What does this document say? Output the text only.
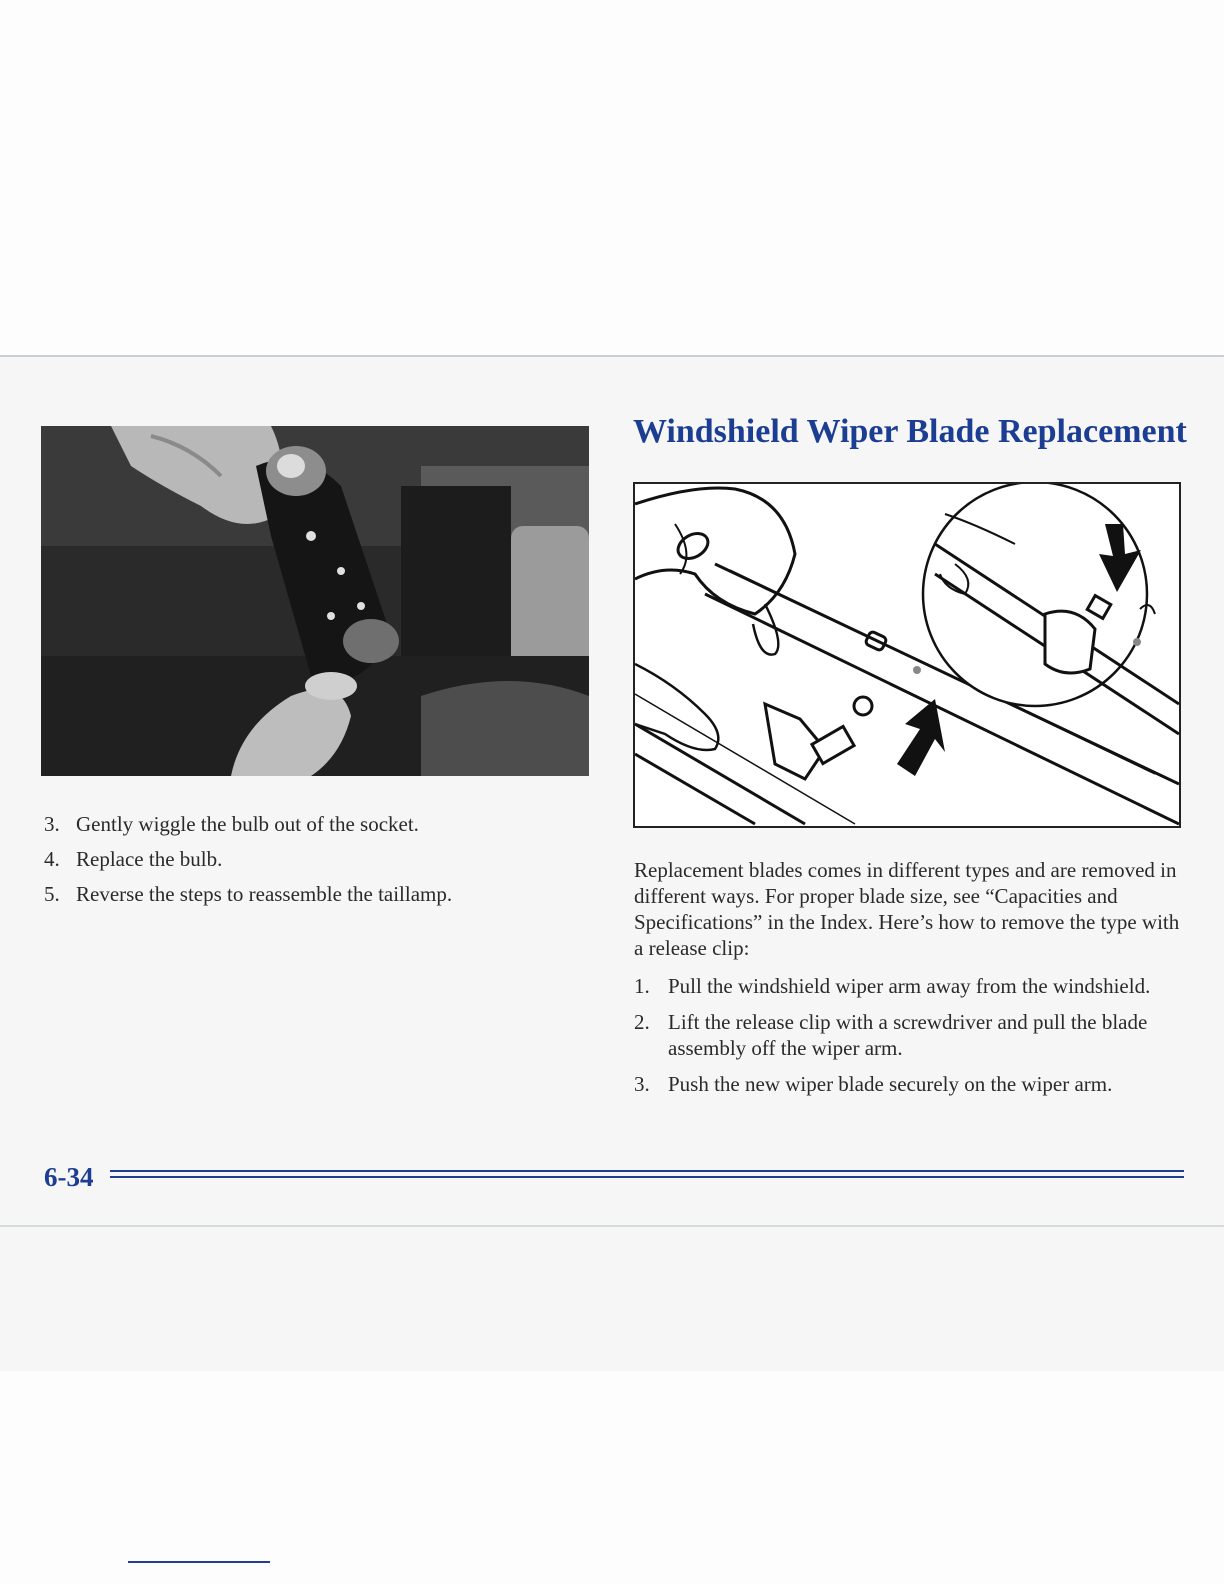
3. Gently wiggle the bulb out of the socket.
4. Replace the bulb.
5. Reverse the steps to reassemble the taillamp.
Windshield Wiper Blade Replacement

Replacement blades comes in different types and are removed in different ways. For proper blade size, see “Capacities and Specifications” in the Index. Here’s how to remove the type with a release clip:

1. Pull the windshield wiper arm away from the windshield.
2. Lift the release clip with a screwdriver and pull the blade assembly off the wiper arm.
3. Push the new wiper blade securely on the wiper arm.

6-34
